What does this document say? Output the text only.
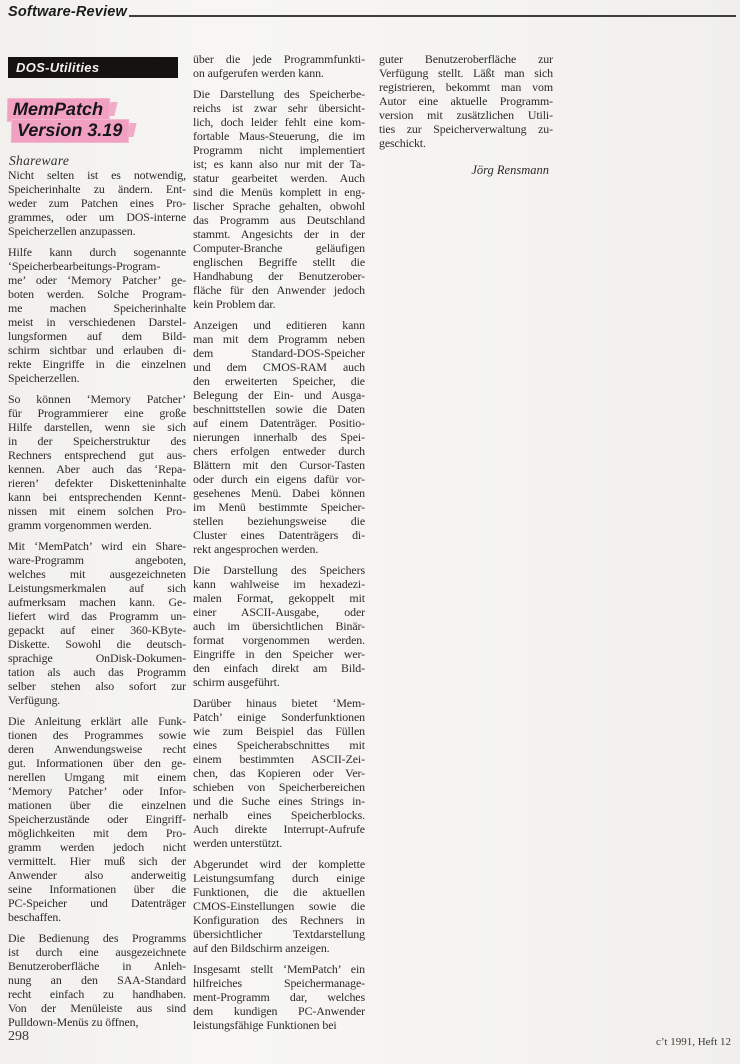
Software-Review
DOS-Utilities
MemPatch
Version 3.19
Shareware
Nicht selten ist es notwendig,
Speicherinhalte zu ändern. Ent-
weder zum Patchen eines Pro-
grammes, oder um DOS-interne
Speicherzellen anzupassen.
Hilfe kann durch sogenannte
‘Speicherbearbeitungs-Program-
me’ oder ‘Memory Patcher’ ge-
boten werden. Solche Program-
me machen Speicherinhalte
meist in verschiedenen Darstel-
lungsformen auf dem Bild-
schirm sichtbar und erlauben di-
rekte Eingriffe in die einzelnen
Speicherzellen.
So können ‘Memory Patcher’
für Programmierer eine große
Hilfe darstellen, wenn sie sich
in der Speicherstruktur des
Rechners entsprechend gut aus-
kennen. Aber auch das ‘Repa-
rieren’ defekter Disketteninhalte
kann bei entsprechenden Kennt-
nissen mit einem solchen Pro-
gramm vorgenommen werden.
Mit ‘MemPatch’ wird ein Share-
ware-Programm angeboten,
welches mit ausgezeichneten
Leistungsmerkmalen auf sich
aufmerksam machen kann. Ge-
liefert wird das Programm un-
gepackt auf einer 360-KByte-
Diskette. Sowohl die deutsch-
sprachige OnDisk-Dokumen-
tation als auch das Programm
selber stehen also sofort zur
Verfügung.
Die Anleitung erklärt alle Funk-
tionen des Programmes sowie
deren Anwendungsweise recht
gut. Informationen über den ge-
nerellen Umgang mit einem
‘Memory Patcher’ oder Infor-
mationen über die einzelnen
Speicherzustände oder Eingriff-
möglichkeiten mit dem Pro-
gramm werden jedoch nicht
vermittelt. Hier muß sich der
Anwender also anderweitig
seine Informationen über die
PC-Speicher und Datenträger
beschaffen.
Die Bedienung des Programms
ist durch eine ausgezeichnete
Benutzeroberfläche in Anleh-
nung an den SAA-Standard
recht einfach zu handhaben.
Von der Menüleiste aus sind
Pulldown-Menüs zu öffnen,
über die jede Programmfunkti-
on aufgerufen werden kann.
Die Darstellung des Speicherbe-
reichs ist zwar sehr übersicht-
lich, doch leider fehlt eine kom-
fortable Maus-Steuerung, die im
Programm nicht implementiert
ist; es kann also nur mit der Ta-
statur gearbeitet werden. Auch
sind die Menüs komplett in eng-
lischer Sprache gehalten, obwohl
das Programm aus Deutschland
stammt. Angesichts der in der
Computer-Branche geläufigen
englischen Begriffe stellt die
Handhabung der Benutzerober-
fläche für den Anwender jedoch
kein Problem dar.
Anzeigen und editieren kann
man mit dem Programm neben
dem Standard-DOS-Speicher
und dem CMOS-RAM auch
den erweiterten Speicher, die
Belegung der Ein- und Ausga-
beschnittstellen sowie die Daten
auf einem Datenträger. Positio-
nierungen innerhalb des Spei-
chers erfolgen entweder durch
Blättern mit den Cursor-Tasten
oder durch ein eigens dafür vor-
gesehenes Menü. Dabei können
im Menü bestimmte Speicher-
stellen beziehungsweise die
Cluster eines Datenträgers di-
rekt angesprochen werden.
Die Darstellung des Speichers
kann wahlweise im hexadezi-
malen Format, gekoppelt mit
einer ASCII-Ausgabe, oder
auch im übersichtlichen Binär-
format vorgenommen werden.
Eingriffe in den Speicher wer-
den einfach direkt am Bild-
schirm ausgeführt.
Darüber hinaus bietet ‘Mem-
Patch’ einige Sonderfunktionen
wie zum Beispiel das Füllen
eines Speicherabschnittes mit
einem bestimmten ASCII-Zei-
chen, das Kopieren oder Ver-
schieben von Speicherbereichen
und die Suche eines Strings in-
nerhalb eines Speicherblocks.
Auch direkte Interrupt-Aufrufe
werden unterstützt.
Abgerundet wird der komplette
Leistungsumfang durch einige
Funktionen, die die aktuellen
CMOS-Einstellungen sowie die
Konfiguration des Rechners in
übersichtlicher Textdarstellung
auf den Bildschirm anzeigen.
Insgesamt stellt ‘MemPatch’ ein
hilfreiches Speichermanage-
ment-Programm dar, welches
dem kundigen PC-Anwender
leistungsfähige Funktionen bei
guter Benutzeroberfläche zur
Verfügung stellt. Läßt man sich
registrieren, bekommt man vom
Autor eine aktuelle Programm-
version mit zusätzlichen Utili-
ties zur Speicherverwaltung zu-
geschickt.
Jörg Rensmann
298	c’t 1991, Heft 12
